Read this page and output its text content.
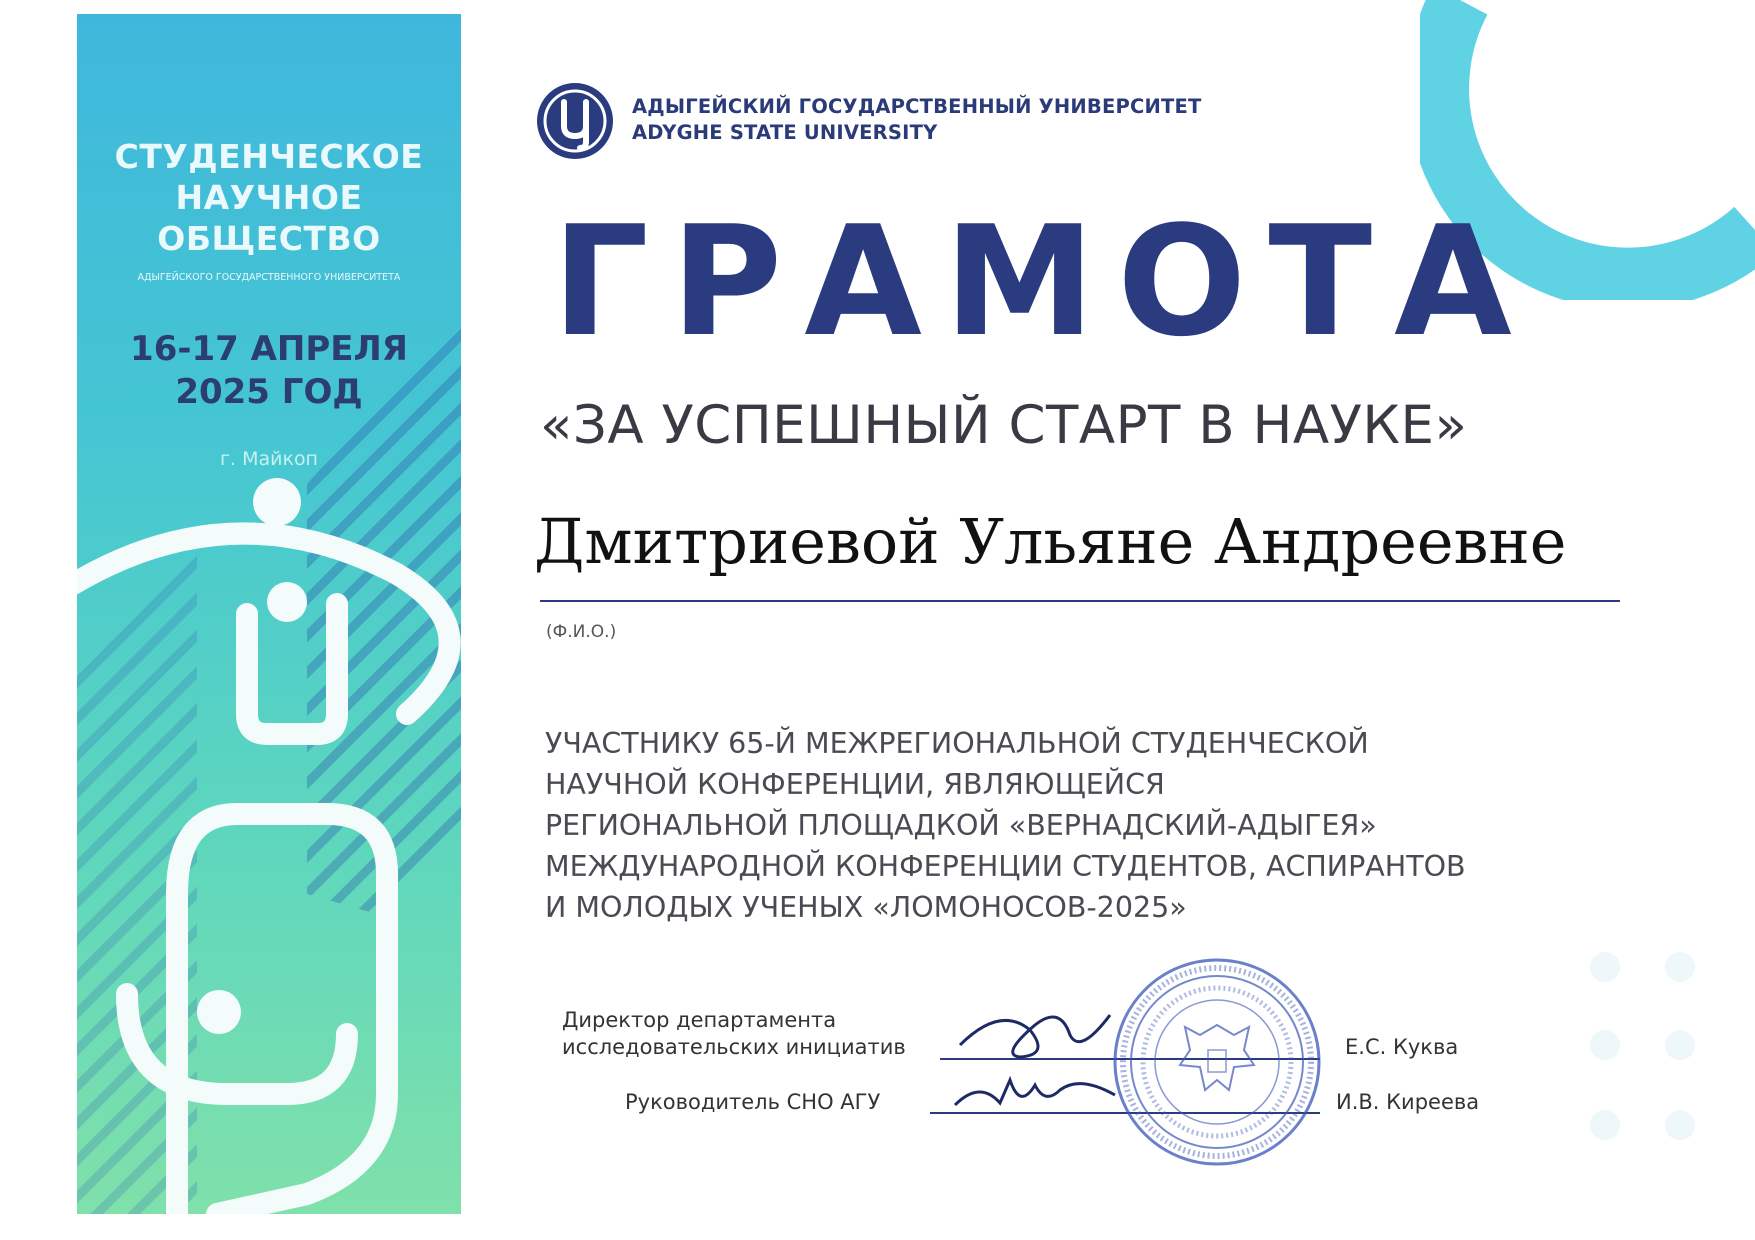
СТУДЕНЧЕСКОЕ
НАУЧНОЕ
ОБЩЕСТВО
АДЫГЕЙСКОГО ГОСУДАРСТВЕННОГО УНИВЕРСИТЕТА
16-17 АПРЕЛЯ
2025 ГОД
г. Майкоп
АДЫГЕЙСКИЙ ГОСУДАРСТВЕННЫЙ УНИВЕРСИТЕТ
ADYGHE STATE UNIVERSITY
ГРАМОТА
«ЗА УСПЕШНЫЙ СТАРТ В НАУКЕ»
Дмитриевой Ульяне Андреевне
(Ф.И.О.)
УЧАСТНИКУ 65-Й МЕЖРЕГИОНАЛЬНОЙ СТУДЕНЧЕСКОЙ
НАУЧНОЙ КОНФЕРЕНЦИИ, ЯВЛЯЮЩЕЙСЯ
РЕГИОНАЛЬНОЙ ПЛОЩАДКОЙ «ВЕРНАДСКИЙ-АДЫГЕЯ»
МЕЖДУНАРОДНОЙ КОНФЕРЕНЦИИ СТУДЕНТОВ, АСПИРАНТОВ
И МОЛОДЫХ УЧЕНЫХ «ЛОМОНОСОВ-2025»
Директор департамента
исследовательских инициатив	Е.С. Куква
Руководитель СНО АГУ	И.В. Киреева
